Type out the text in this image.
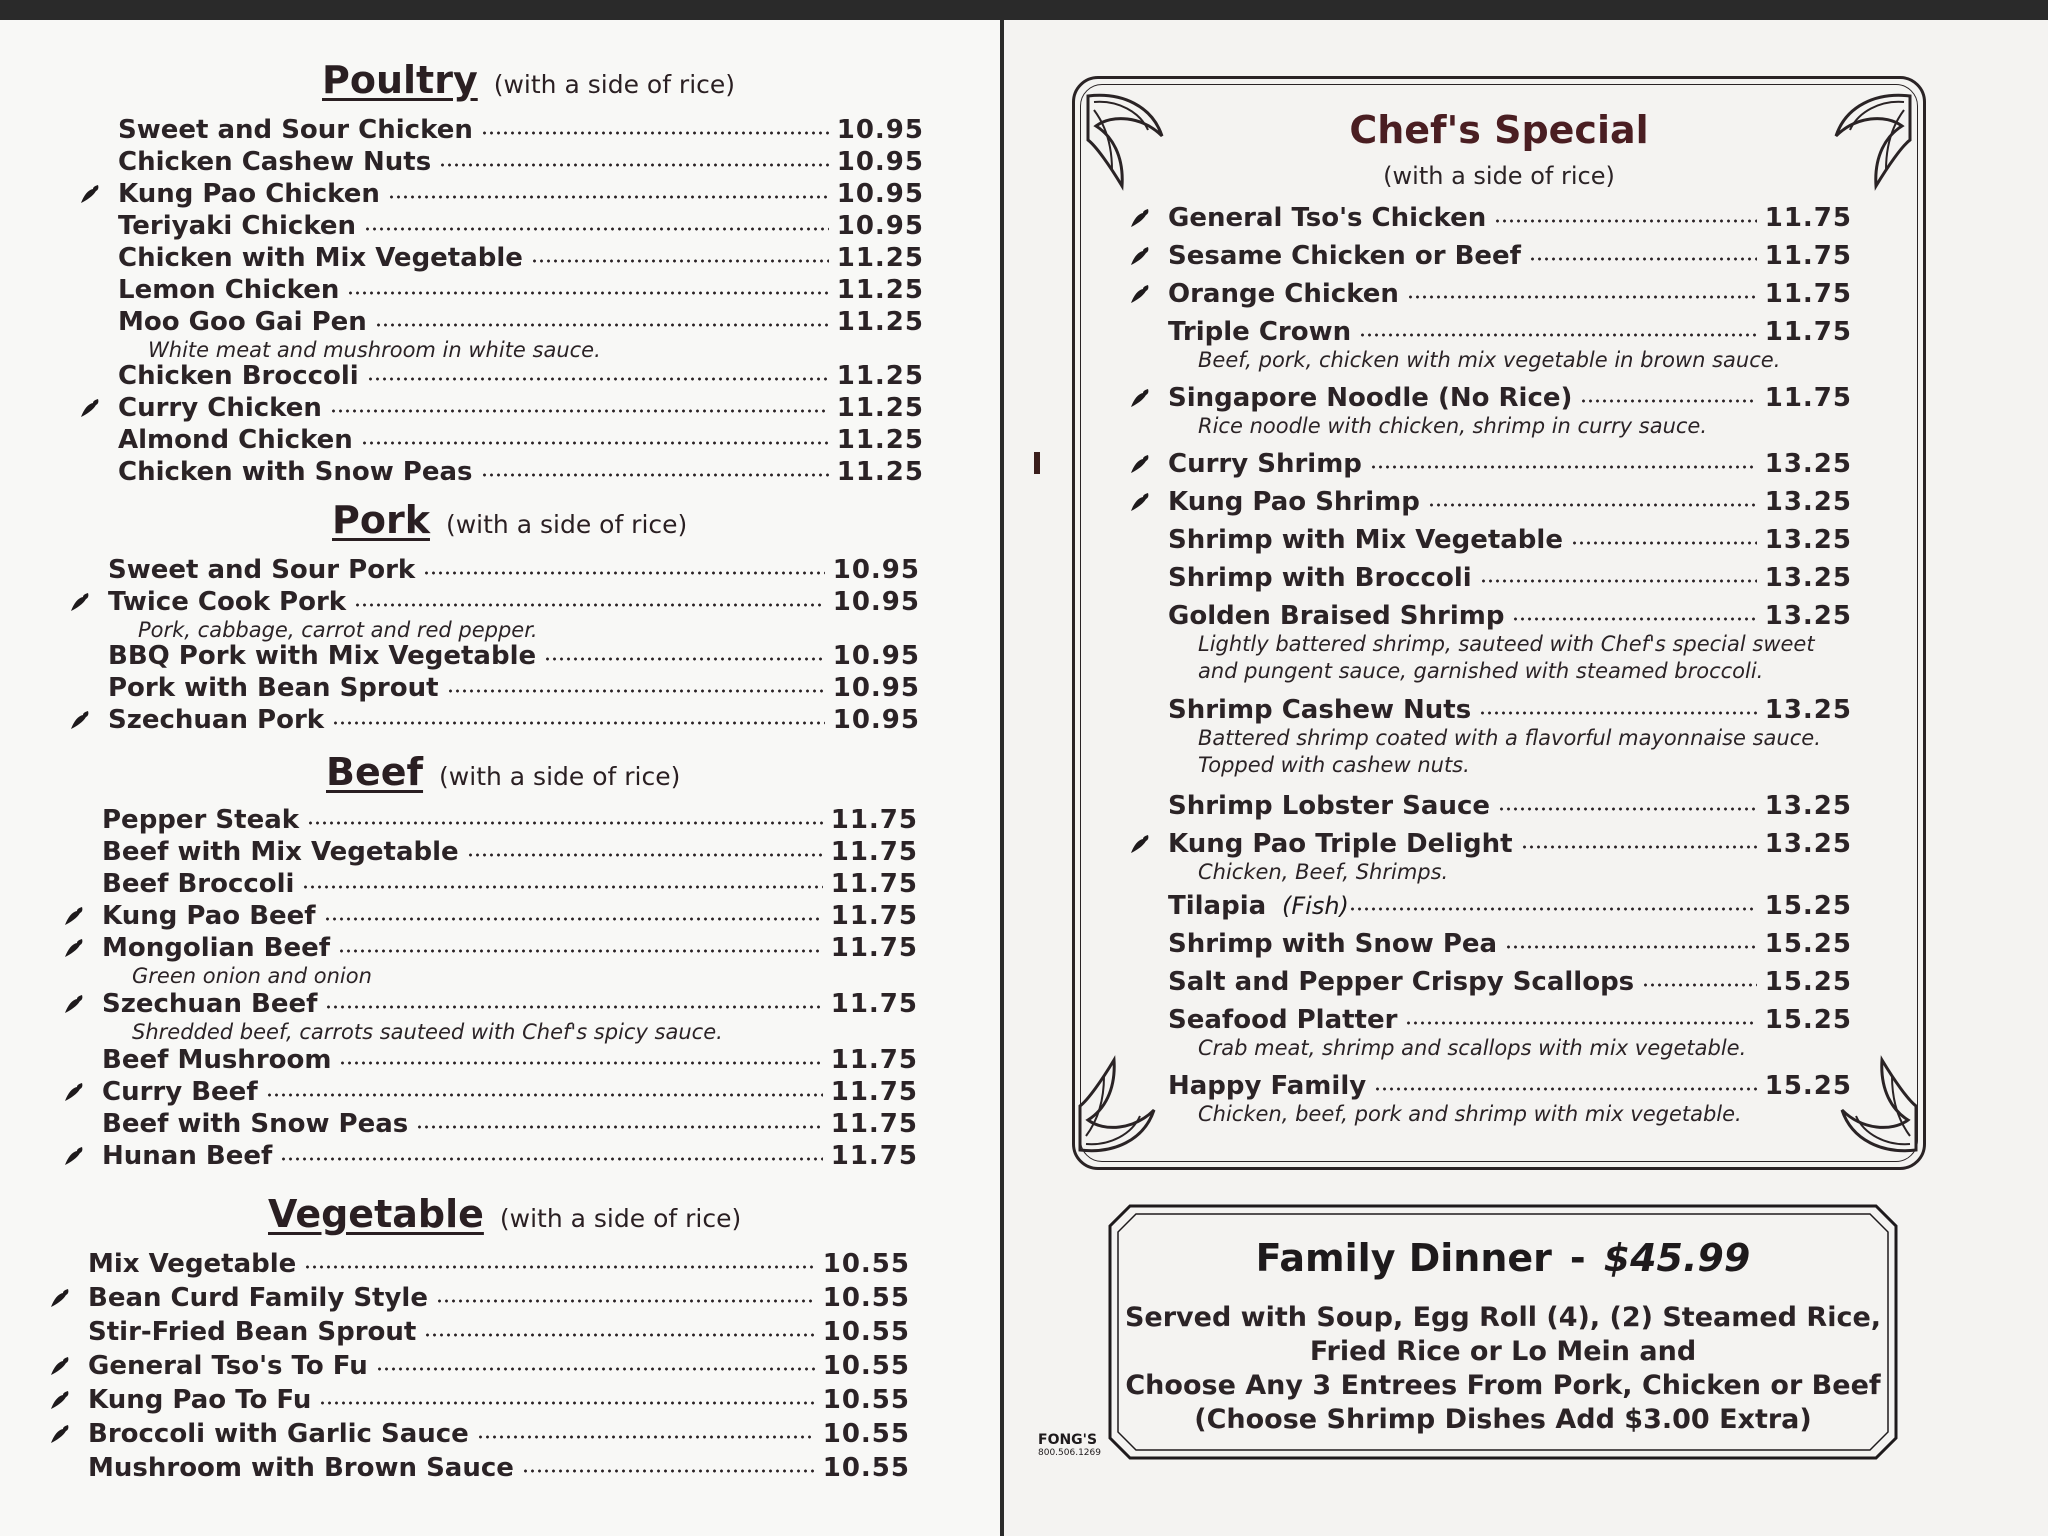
Poultry (with a side of rice)
Pork (with a side of rice)
Beef (with a side of rice)
Vegetable (with a side of rice)
Sweet and Sour Chicken	10.95
Chicken Cashew Nuts	10.95
Kung Pao Chicken	10.95
Teriyaki Chicken	10.95
Chicken with Mix Vegetable	11.25
Lemon Chicken	11.25
Moo Goo Gai Pen	11.25
White meat and mushroom in white sauce.
Chicken Broccoli	11.25
Curry Chicken	11.25
Almond Chicken	11.25
Chicken with Snow Peas	11.25
Sweet and Sour Pork	10.95
Twice Cook Pork	10.95
Pork, cabbage, carrot and red pepper.
BBQ Pork with Mix Vegetable	10.95
Pork with Bean Sprout	10.95
Szechuan Pork	10.95
Pepper Steak	11.75
Beef with Mix Vegetable	11.75
Beef Broccoli	11.75
Kung Pao Beef	11.75
Mongolian Beef	11.75
Green onion and onion
Szechuan Beef	11.75
Shredded beef, carrots sauteed with Chef's spicy sauce.
Beef Mushroom	11.75
Curry Beef	11.75
Beef with Snow Peas	11.75
Hunan Beef	11.75
Mix Vegetable	10.55
Bean Curd Family Style	10.55
Stir-Fried Bean Sprout	10.55
General Tso's To Fu	10.55
Kung Pao To Fu	10.55
Broccoli with Garlic Sauce	10.55
Mushroom with Brown Sauce	10.55
Chef's Special
(with a side of rice)
General Tso's Chicken	11.75
Sesame Chicken or Beef	11.75
Orange Chicken	11.75
Triple Crown	11.75
Beef, pork, chicken with mix vegetable in brown sauce.
Singapore Noodle (No Rice)	11.75
Rice noodle with chicken, shrimp in curry sauce.
Curry Shrimp	13.25
Kung Pao Shrimp	13.25
Shrimp with Mix Vegetable	13.25
Shrimp with Broccoli	13.25
Golden Braised Shrimp	13.25
Lightly battered shrimp, sauteed with Chef's special sweet
and pungent sauce, garnished with steamed broccoli.
Shrimp Cashew Nuts	13.25
Battered shrimp coated with a flavorful mayonnaise sauce.
Topped with cashew nuts.
Shrimp Lobster Sauce	13.25
Kung Pao Triple Delight	13.25
Chicken, Beef, Shrimps.
Tilapia (Fish)	15.25
Shrimp with Snow Pea	15.25
Salt and Pepper Crispy Scallops	15.25
Seafood Platter	15.25
Crab meat, shrimp and scallops with mix vegetable.
Happy Family	15.25
Chicken, beef, pork and shrimp with mix vegetable.
Family Dinner - $45.99
Served with Soup, Egg Roll (4), (2) Steamed Rice,
Fried Rice or Lo Mein and
Choose Any 3 Entrees From Pork, Chicken or Beef
(Choose Shrimp Dishes Add $3.00 Extra)
FONG'S
800.506.1269
